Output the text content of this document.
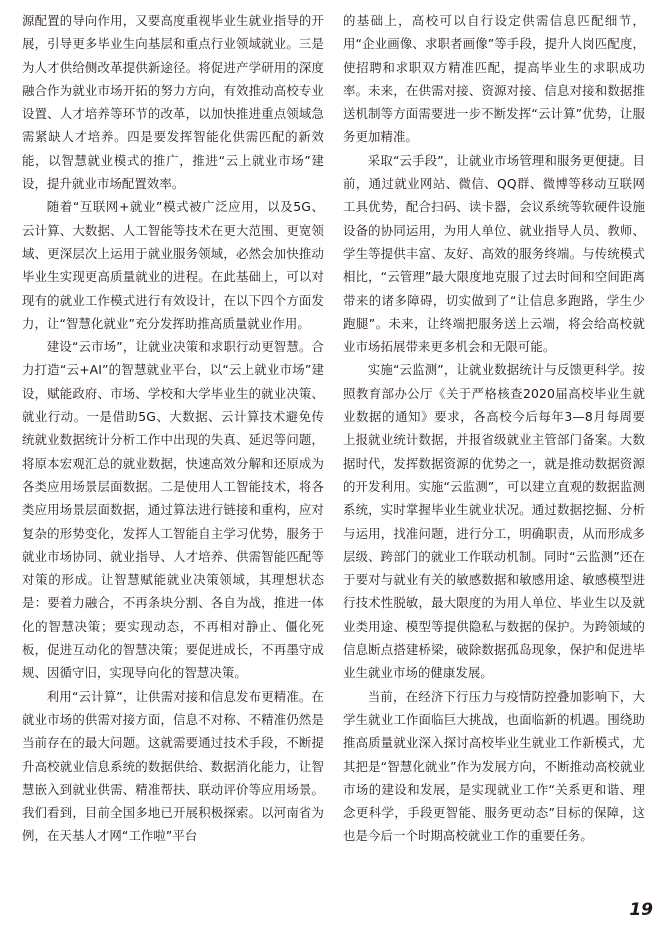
源配置的导向作用，又要高度重视毕业生就业指导的开展，引导更多毕业生向基层和重点行业领域就业。三是为人才供给侧改革提供新途径。将促进产学研用的深度融合作为就业市场开拓的努力方向，有效推动高校专业设置、人才培养等环节的改革，以加快推进重点领域急需紧缺人才培养。四是要发挥智能化供需匹配的新效能，以智慧就业模式的推广，推进“云上就业市场”建设，提升就业市场配置效率。

随着“互联网+就业”模式被广泛应用，以及5G、云计算、大数据、人工智能等技术在更大范围、更宽领域、更深层次上运用于就业服务领域，必然会加快推动毕业生实现更高质量就业的进程。在此基础上，可以对现有的就业工作模式进行有效设计，在以下四个方面发力，让“智慧化就业”充分发挥助推高质量就业作用。

建设“云市场”，让就业决策和求职行动更智慧。合力打造“云+AI”的智慧就业平台，以“云上就业市场”建设，赋能政府、市场、学校和大学毕业生的就业决策、就业行动。一是借助5G、大数据、云计算技术避免传统就业数据统计分析工作中出现的失真、延迟等问题，将原本宏观汇总的就业数据，快速高效分解和还原成为各类应用场景层面数据。二是使用人工智能技术，将各类应用场景层面数据，通过算法进行链接和重构，应对复杂的形势变化，发挥人工智能自主学习优势，服务于就业市场协同、就业指导、人才培养、供需智能匹配等对策的形成。让智慧赋能就业决策领域，其理想状态是：要着力融合，不再条块分割、各自为战，推进一体化的智慧决策；要实现动态，不再相对静止、僵化死板，促进互动化的智慧决策；要促进成长，不再墨守成规、因循守旧，实现导向化的智慧决策。

利用“云计算”，让供需对接和信息发布更精准。在就业市场的供需对接方面，信息不对称、不精准仍然是当前存在的最大问题。这就需要通过技术手段，不断提升高校就业信息系统的数据供给、数据消化能力，让智慧嵌入到就业供需、精准帮扶、联动评价等应用场景。我们看到，目前全国多地已开展积极探索。以河南省为例，在天基人才网“工作啦”平台

的基础上，高校可以自行设定供需信息匹配细节，用“企业画像、求职者画像”等手段，提升人岗匹配度，使招聘和求职双方精准匹配，提高毕业生的求职成功率。未来，在供需对接、资源对接、信息对接和数据推送机制等方面需要进一步不断发挥“云计算”优势，让服务更加精准。

采取“云手段”，让就业市场管理和服务更便捷。目前，通过就业网站、微信、QQ群、微博等移动互联网工具优势，配合扫码、读卡器，会议系统等软硬件设施设备的协同运用，为用人单位、就业指导人员、教师、学生等提供丰富、友好、高效的服务终端。与传统模式相比，“云管理”最大限度地克服了过去时间和空间距离带来的诸多障碍，切实做到了“让信息多跑路，学生少跑腿”。未来，让终端把服务送上云端，将会给高校就业市场拓展带来更多机会和无限可能。

实施“云监测”，让就业数据统计与反馈更科学。按照教育部办公厅《关于严格核查2020届高校毕业生就业数据的通知》要求，各高校今后每年3—8月每周要上报就业统计数据，并报省级就业主管部门备案。大数据时代，发挥数据资源的优势之一，就是推动数据资源的开发利用。实施“云监测”，可以建立直观的数据监测系统，实时掌握毕业生就业状况。通过数据挖掘、分析与运用，找准问题，进行分工，明确职责，从而形成多层级、跨部门的就业工作联动机制。同时“云监测”还在于要对与就业有关的敏感数据和敏感用途、敏感模型进行技术性脱敏，最大限度的为用人单位、毕业生以及就业类用途、模型等提供隐私与数据的保护。为跨领域的信息断点搭建桥梁，破除数据孤岛现象，保护和促进毕业生就业市场的健康发展。

当前，在经济下行压力与疫情防控叠加影响下，大学生就业工作面临巨大挑战，也面临新的机遇。围绕助推高质量就业深入探讨高校毕业生就业工作新模式，尤其把是“智慧化就业”作为发展方向，不断推动高校就业市场的建设和发展，是实现就业工作“关系更和谐、理念更科学，手段更智能、服务更动态”目标的保障，这也是今后一个时期高校就业工作的重要任务。

19
